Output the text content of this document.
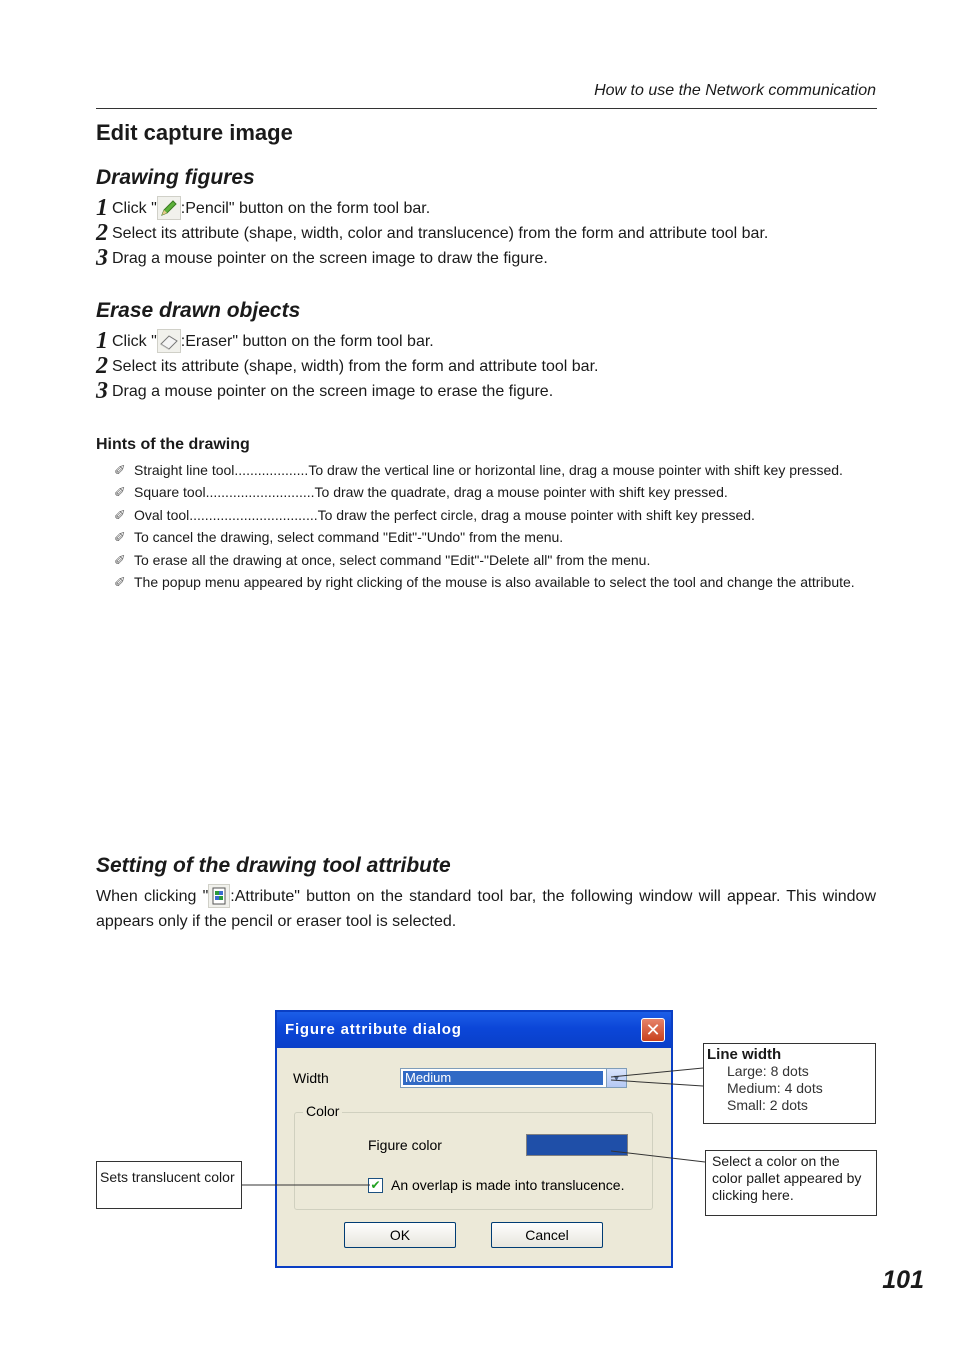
How to use the Network communication
Edit capture image
Drawing figures
1 Click " :Pencil" button on the form tool bar.
2 Select its attribute (shape, width, color and translucence) from the form and attribute tool bar.
3 Drag a mouse pointer on the screen image to draw the figure.
Erase drawn objects
1 Click " :Eraser" button on the form tool bar.
2 Select its attribute (shape, width) from the form and attribute tool bar.
3 Drag a mouse pointer on the screen image to erase the figure.
Hints of the drawing
✐ Straight line tool...................To draw the vertical line or horizontal line, drag a mouse pointer with shift key pressed.
✐ Square tool............................To draw the quadrate, drag a mouse pointer with shift key pressed.
✐ Oval tool.................................To draw the perfect circle, drag a mouse pointer with shift key pressed.
✐ To cancel the drawing, select command "Edit"-"Undo" from the menu.
✐ To erase all the drawing at once, select command "Edit"-"Delete all" from the menu.
✐ The popup menu appeared by right clicking of the mouse is also available to select the tool and change the attribute.
Setting of the drawing tool attribute
When clicking " :Attribute" button on the standard tool bar, the following window will appear. This window appears only if the pencil or eraser tool is selected.
Figure attribute dialog	✕
Width	Medium	▼
Color
Figure color
✔ An overlap is made into translucence.
OK	Cancel
Line width
Large: 8 dots
Medium: 4 dots
Small: 2 dots
Select a color on the color pallet appeared by clicking here.
Sets translucent color
101
